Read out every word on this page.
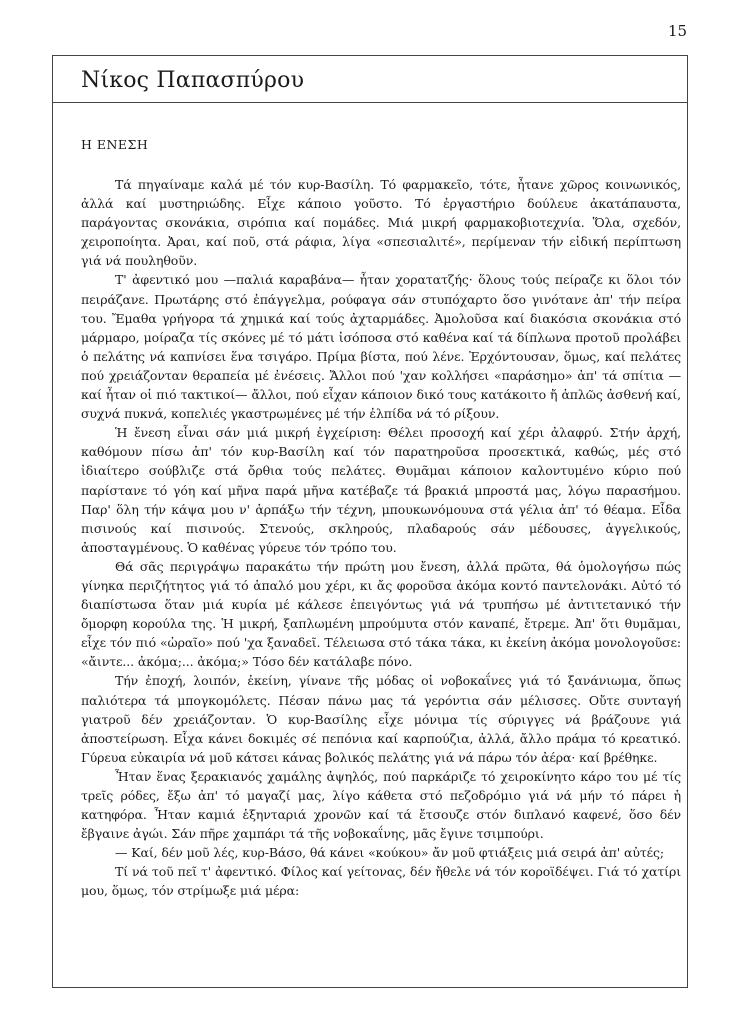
15
Νίκος Παπασπύρου
Η ΕΝΕΣΗ

Τά πηγαίναμε καλά μέ τόν κυρ-Βασίλη. Τό φαρμακεῖο, τότε, ἦτανε χῶρος κοινωνικός, ἀλλά καί μυστηριώδης. Εἶχε κάποιο γοῦστο. Τό ἐργαστήριο δούλευε ἀκατάπαυστα, παράγοντας σκονάκια, σιρόπια καί πομάδες. Μιά μικρή φαρμακοβιοτεχνία. Ὅλα, σχεδόν, χειροποίητα. Ἀραι, καί ποῦ, στά ράφια, λίγα «σπεσιαλιτέ», περίμεναν τήν εἰδική περίπτωση γιά νά πουληθοῦν.

Τ' ἀφεντικό μου —παλιά καραβάνα— ἦταν χορατατζής· ὅλους τούς πείραζε κι ὅλοι τόν πειράζανε. Πρωτάρης στό ἐπάγγελμα, ρούφαγα σάν στυπόχαρτο ὅσο γινότανε ἀπ' τήν πείρα του. Ἔμαθα γρήγορα τά χημικά καί τούς ἀχταρμάδες. Ἀμολοῦσα καί διακόσια σκονάκια στό μάρμαρο, μοίραζα τίς σκόνες μέ τό μάτι ἰσόποσα στό καθένα καί τά δίπλωνα προτοῦ προλάβει ὁ πελάτης νά καπνίσει ἕνα τσιγάρο. Πρίμα βίστα, πού λένε. Ἐρχόντουσαν, ὅμως, καί πελάτες πού χρειάζονταν θεραπεία μέ ἐνέσεις. Ἄλλοι πού 'χαν κολλήσει «παράσημο» ἀπ' τά σπίτια —καί ἦταν οἱ πιό τακτικοί— ἄλλοι, πού εἶχαν κάποιον δικό τους κατάκοιτο ἤ ἁπλῶς ἀσθενή καί, συχνά πυκνά, κοπελιές γκαστρωμένες μέ τήν ἐλπίδα νά τό ρίξουν.

Ἡ ἔνεση εἶναι σάν μιά μικρή ἐγχείριση: Θέλει προσοχή καί χέρι ἀλαφρύ. Στήν ἀρχή, καθόμουν πίσω ἀπ' τόν κυρ-Βασίλη καί τόν παρατηροῦσα προσεκτικά, καθώς, μές στό ἰδιαίτερο σούβλιζε στά ὄρθια τούς πελάτες. Θυμᾶμαι κάποιον καλοντυμένο κύριο πού παρίστανε τό γόη καί μῆνα παρά μῆνα κατέβαζε τά βρακιά μπροστά μας, λόγω παρασήμου. Παρ' ὅλη τήν κάψα μου ν' ἁρπάξω τήν τέχνη, μπουκωνόμουνα στά γέλια ἀπ' τό θέαμα. Εἶδα πισινούς καί πισινούς. Στενούς, σκληρούς, πλαδαρούς σάν μέδουσες, ἀγγελικούς, ἀποσταγμένους. Ὁ καθένας γύρευε τόν τρόπο του.

Θά σᾶς περιγράψω παρακάτω τήν πρώτη μου ἔνεση, ἀλλά πρῶτα, θά ὁμολογήσω πώς γίνηκα περιζήτητος γιά τό ἁπαλό μου χέρι, κι ἄς φοροῦσα ἀκόμα κοντό παντελονάκι. Αὐτό τό διαπίστωσα ὅταν μιά κυρία μέ κάλεσε ἐπειγόντως γιά νά τρυπήσω μέ ἀντιτετανικό τήν ὄμορφη κορούλα της. Ἡ μικρή, ξαπλωμένη μπρούμυτα στόν καναπέ, ἔτρεμε. Ἀπ' ὅτι θυμᾶμαι, εἶχε τόν πιό «ὡραῖο» πού 'χα ξαναδεῖ. Τέλειωσα στό τάκα τάκα, κι ἐκείνη ἀκόμα μονολογοῦσε: «ἄιντε... ἀκόμα;... ἀκόμα;» Τόσο δέν κατάλαβε πόνο.

Τήν ἐποχή, λοιπόν, ἐκείνη, γίνανε τῆς μόδας οἱ νοβοκαΐνες γιά τό ξανάνιωμα, ὅπως παλιότερα τά μπογκομόλετς. Πέσαν πάνω μας τά γερόντια σάν μέλισσες. Οὔτε συνταγή γιατροῦ δέν χρειάζονταν. Ὁ κυρ-Βασίλης εἶχε μόνιμα τίς σύριγγες νά βράζουνε γιά ἀποστείρωση. Εἶχα κάνει δοκιμές σέ πεπόνια καί καρπούζια, ἀλλά, ἄλλο πράμα τό κρεατικό. Γύρευα εὐκαιρία νά μοῦ κάτσει κάνας βολικός πελάτης γιά νά πάρω τόν ἀέρα· καί βρέθηκε.

Ἦταν ἕνας ξερακιανός χαμάλης ἀψηλός, πού παρκάριζε τό χειροκίνητο κάρο του μέ τίς τρεῖς ρόδες, ἔξω ἀπ' τό μαγαζί μας, λίγο κάθετα στό πεζοδρόμιο γιά νά μήν τό πάρει ἡ κατηφόρα. Ἦταν καμιά ἑξηνταριά χρονῶν καί τά ἔτσουζε στόν διπλανό καφενέ, ὅσο δέν ἔβγαινε ἀγώι. Σάν πῆρε χαμπάρι τά τῆς νοβοκαΐνης, μᾶς ἔγινε τσιμπούρι.

— Καί, δέν μοῦ λές, κυρ-Βάσο, θά κάνει «κούκου» ἄν μοῦ φτιάξεις μιά σειρά ἀπ' αὐτές;

Τί νά τοῦ πεῖ τ' ἀφεντικό. Φίλος καί γείτονας, δέν ἤθελε νά τόν κοροϊδέψει. Γιά τό χατίρι μου, ὅμως, τόν στρίμωξε μιά μέρα:
